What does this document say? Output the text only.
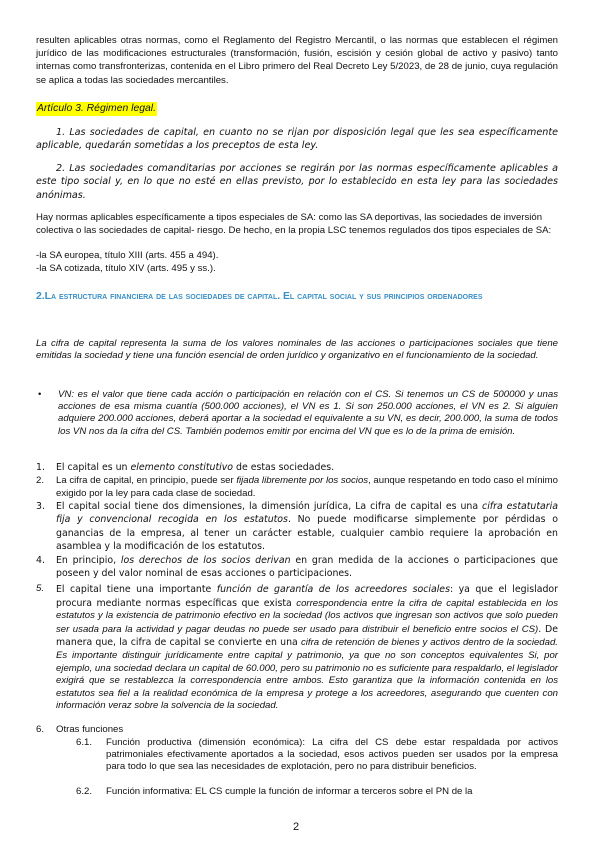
resulten aplicables otras normas, como el Reglamento del Registro Mercantil, o las normas que establecen el régimen jurídico de las modificaciones estructurales (transformación, fusión, escisión y cesión global de activo y pasivo) tanto internas como transfronterizas, contenida en el Libro primero del Real Decreto Ley 5/2023, de 28 de junio, cuya regulación se aplica a todas las sociedades mercantiles.

Artículo 3. Régimen legal.

1. Las sociedades de capital, en cuanto no se rijan por disposición legal que les sea específicamente aplicable, quedarán sometidas a los preceptos de esta ley.

2. Las sociedades comanditarias por acciones se regirán por las normas específicamente aplicables a este tipo social y, en lo que no esté en ellas previsto, por lo establecido en esta ley para las sociedades anónimas.

Hay normas aplicables específicamente a tipos especiales de SA: como las SA deportivas, las sociedades de inversión colectiva o las sociedades de capital- riesgo. De hecho, en la propia LSC tenemos regulados dos tipos especiales de SA:

-la SA europea, título XIII (arts. 455 a 494).

-la SA cotizada, título XIV (arts. 495 y ss.).

2.La estructura financiera de las sociedades de capital. El capital social y sus principios ordenadores

La cifra de capital representa la suma de los valores nominales de las acciones o participaciones sociales que tiene emitidas la sociedad y tiene una función esencial de orden jurídico y organizativo en el funcionamiento de la sociedad.

• VN: es el valor que tiene cada acción o participación en relación con el CS. Si tenemos un CS de 500000 y unas acciones de esa misma cuantía (500.000 acciones), el VN es 1. Si son 250.000 acciones, el VN es 2. Si alguien adquiere 200.000 acciones, deberá aportar a la sociedad el equivalente a su VN, es decir, 200.000, la suma de todos los VN nos da la cifra del CS. También podemos emitir por encima del VN que es lo de la prima de emisión.

1. El capital es un elemento constitutivo de estas sociedades.

2. La cifra de capital, en principio, puede ser fijada libremente por los socios, aunque respetando en todo caso el mínimo exigido por la ley para cada clase de sociedad.

3. El capital social tiene dos dimensiones, la dimensión jurídica, La cifra de capital es una cifra estatutaria fija y convencional recogida en los estatutos. No puede modificarse simplemente por pérdidas o ganancias de la empresa, al tener un carácter estable, cualquier cambio requiere la aprobación en asamblea y la modificación de los estatutos.

4. En principio, los derechos de los socios derivan en gran medida de la acciones o participaciones que poseen y del valor nominal de esas acciones o participaciones.

5. El capital tiene una importante función de garantía de los acreedores sociales: ya que el legislador procura mediante normas específicas que exista correspondencia entre la cifra de capital establecida en los estatutos y la existencia de patrimonio efectivo en la sociedad (los activos que ingresan son activos que solo pueden ser usada para la actividad y pagar deudas no puede ser usado para distribuir el beneficio entre socios el CS). De manera que, la cifra de capital se convierte en una cifra de retención de bienes y activos dentro de la sociedad. Es importante distinguir jurídicamente entre capital y patrimonio, ya que no son conceptos equivalentes Si, por ejemplo, una sociedad declara un capital de 60.000, pero su patrimonio no es suficiente para respaldarlo, el legislador exigirá que se restablezca la correspondencia entre ambos. Esto garantiza que la información contenida en los estatutos sea fiel a la realidad económica de la empresa y protege a los acreedores, asegurando que cuenten con información veraz sobre la solvencia de la sociedad.

6. Otras funciones

6.1. Función productiva (dimensión económica): La cifra del CS debe estar respaldada por activos patrimoniales efectivamente aportados a la sociedad, esos activos pueden ser usados por la empresa para todo lo que sea las necesidades de explotación, pero no para distribuir beneficios.

6.2. Función informativa: EL CS cumple la función de informar a terceros sobre el PN de la

2
